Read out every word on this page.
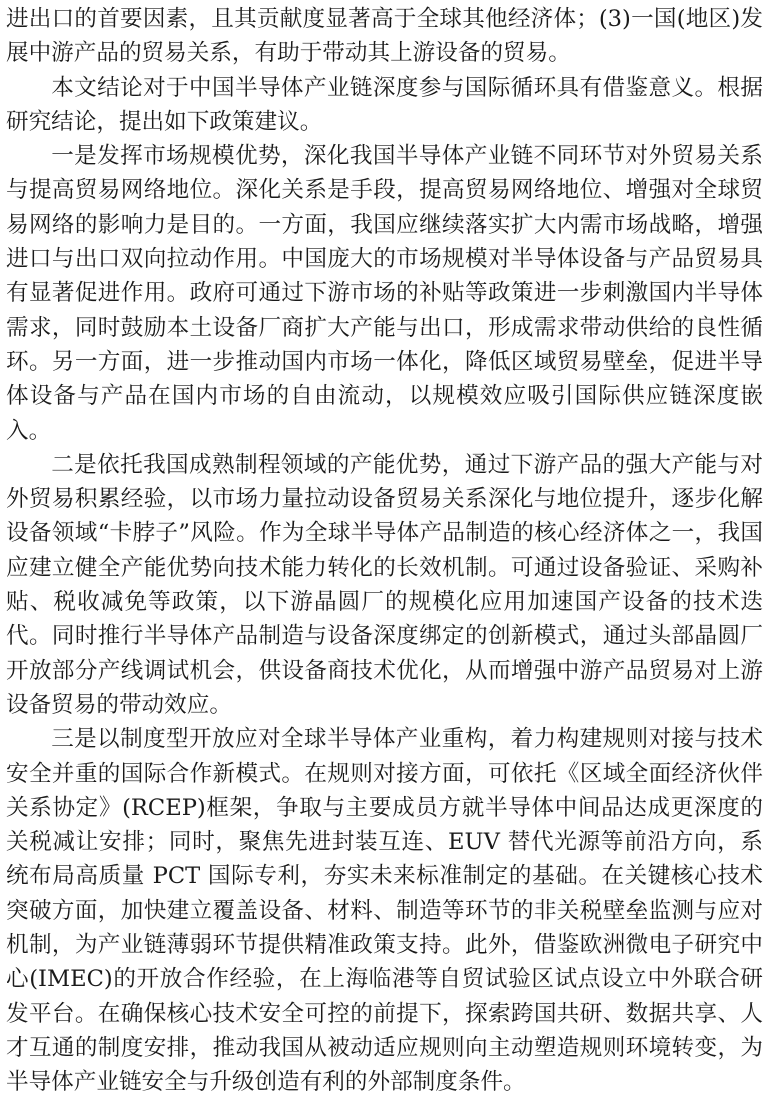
进出口的首要因素，且其贡献度显著高于全球其他经济体；(3)一国(地区)发展中游产品的贸易关系，有助于带动其上游设备的贸易。

本文结论对于中国半导体产业链深度参与国际循环具有借鉴意义。根据研究结论，提出如下政策建议。

一是发挥市场规模优势，深化我国半导体产业链不同环节对外贸易关系与提高贸易网络地位。深化关系是手段，提高贸易网络地位、增强对全球贸易网络的影响力是目的。一方面，我国应继续落实扩大内需市场战略，增强进口与出口双向拉动作用。中国庞大的市场规模对半导体设备与产品贸易具有显著促进作用。政府可通过下游市场的补贴等政策进一步刺激国内半导体需求，同时鼓励本土设备厂商扩大产能与出口，形成需求带动供给的良性循环。另一方面，进一步推动国内市场一体化，降低区域贸易壁垒，促进半导体设备与产品在国内市场的自由流动，以规模效应吸引国际供应链深度嵌入。

二是依托我国成熟制程领域的产能优势，通过下游产品的强大产能与对外贸易积累经验，以市场力量拉动设备贸易关系深化与地位提升，逐步化解设备领域“卡脖子”风险。作为全球半导体产品制造的核心经济体之一，我国应建立健全产能优势向技术能力转化的长效机制。可通过设备验证、采购补贴、税收减免等政策，以下游晶圆厂的规模化应用加速国产设备的技术迭代。同时推行半导体产品制造与设备深度绑定的创新模式，通过头部晶圆厂开放部分产线调试机会，供设备商技术优化，从而增强中游产品贸易对上游设备贸易的带动效应。

三是以制度型开放应对全球半导体产业重构，着力构建规则对接与技术安全并重的国际合作新模式。在规则对接方面，可依托《区域全面经济伙伴关系协定》(RCEP)框架，争取与主要成员方就半导体中间品达成更深度的关税减让安排；同时，聚焦先进封装互连、EUV 替代光源等前沿方向，系统布局高质量 PCT 国际专利，夯实未来标准制定的基础。在关键核心技术突破方面，加快建立覆盖设备、材料、制造等环节的非关税壁垒监测与应对机制，为产业链薄弱环节提供精准政策支持。此外，借鉴欧洲微电子研究中心(IMEC)的开放合作经验，在上海临港等自贸试验区试点设立中外联合研发平台。在确保核心技术安全可控的前提下，探索跨国共研、数据共享、人才互通的制度安排，推动我国从被动适应规则向主动塑造规则环境转变，为半导体产业链安全与升级创造有利的外部制度条件。
